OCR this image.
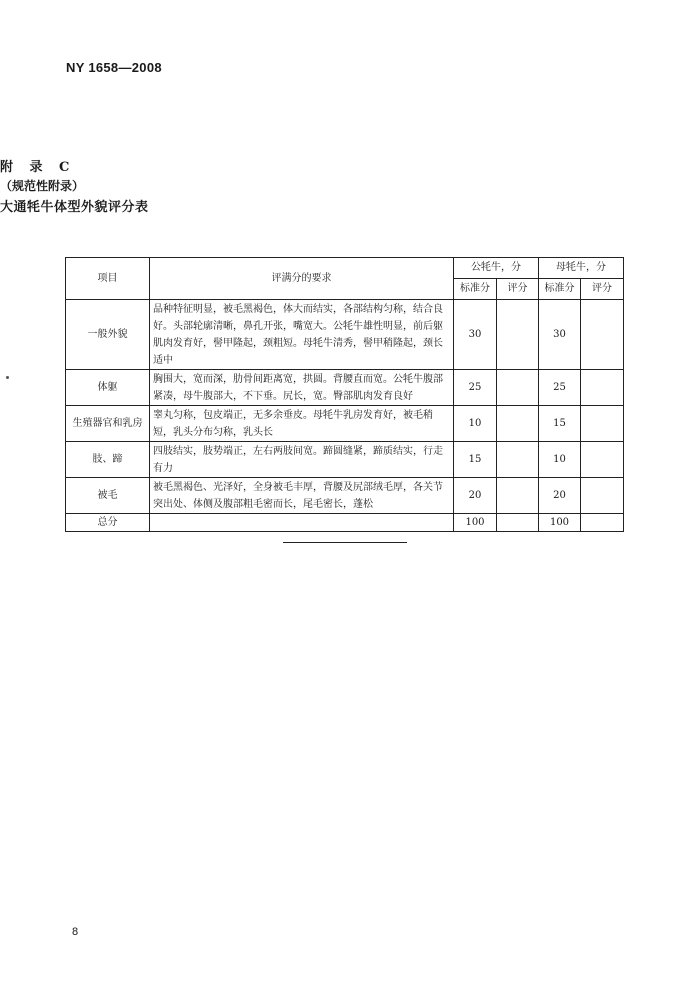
NY 1658—2008
附 录 C
（规范性附录）
大通牦牛体型外貌评分表
项目	评满分的要求	公牦牛，分		母牦牛，分	
		标准分	评分	标准分	评分
一般外貌	品种特征明显，被毛黑褐色，体大而结实，各部结构匀称，结合良好。头部轮廓清晰，鼻孔开张，嘴宽大。公牦牛雄性明显，前后躯肌肉发育好，髻甲隆起，颈粗短。母牦牛清秀，髻甲稍隆起，颈长适中	30		30	
体躯	胸围大，宽而深，肋骨间距离宽，拱圆。背腰直而宽。公牦牛腹部紧凑，母牛腹部大，不下垂。尻长，宽。臀部肌肉发育良好	25		25	
生殖器官和乳房	睾丸匀称，包皮端正，无多余垂皮。母牦牛乳房发育好，被毛稍短，乳头分布匀称，乳头长	10		15	
肢、蹄	四肢结实，肢势端正，左右两肢间宽。蹄圆缝紧，蹄质结实，行走有力	15		10	
被毛	被毛黑褐色、光泽好，全身被毛丰厚，背腰及尻部绒毛厚，各关节突出处、体侧及腹部粗毛密而长，尾毛密长，蓬松	20		20	
总分		100		100	
8
